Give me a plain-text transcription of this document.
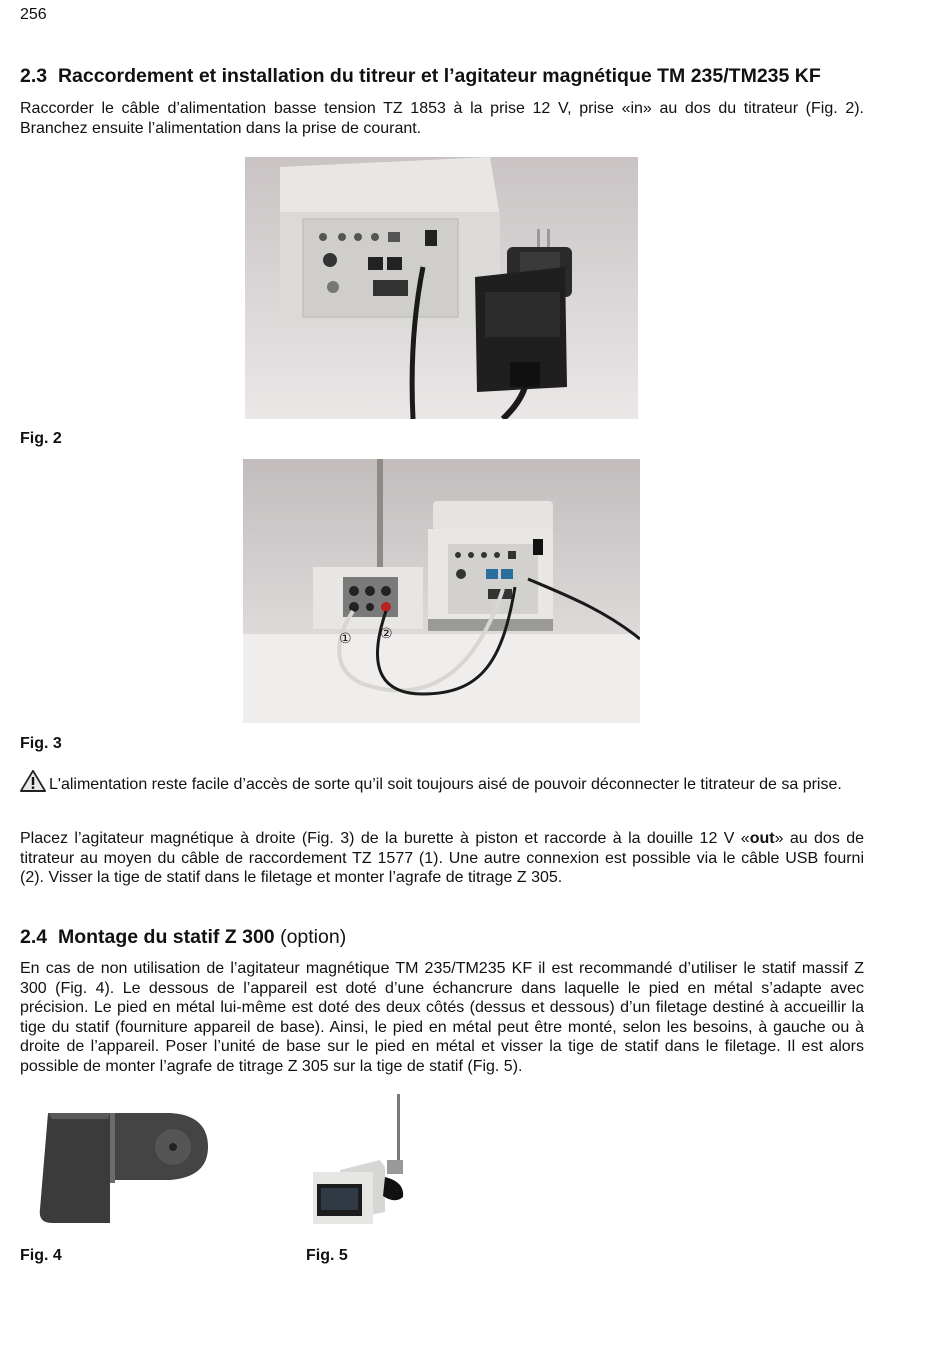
256
2.3 Raccordement et installation du titreur et l’agitateur magnétique TM 235/TM235 KF
Raccorder le câble d’alimentation basse tension TZ 1853 à la prise 12 V, prise «in» au dos du titrateur (Fig. 2). Branchez ensuite l’alimentation dans la prise de courant.
Fig. 2
① ②
Fig. 3
L'alimentation reste facile d’accès de sorte qu’il soit toujours aisé de pouvoir déconnecter le titrateur de sa prise.
Placez l’agitateur magnétique à droite (Fig. 3) de la burette à piston et raccorde à la douille 12 V «out» au dos de titrateur au moyen du câble de raccordement TZ 1577 (1). Une autre connexion est possible via le câble USB fourni (2). Visser la tige de statif dans le filetage et monter l’agrafe de titrage Z 305.
2.4 Montage du statif Z 300 (option)
En cas de non utilisation de l’agitateur magnétique TM 235/TM235 KF il est recommandé d’utiliser le statif massif Z 300 (Fig. 4). Le dessous de l’appareil est doté d’une échancrure dans laquelle le pied en métal s’adapte avec précision. Le pied en métal lui-même est doté des deux côtés (dessus et dessous) d’un filetage destiné à accueillir la tige du statif (fourniture appareil de base). Ainsi, le pied en métal peut être monté, selon les besoins, à gauche ou à droite de l’appareil. Poser l’unité de base sur le pied en métal et visser la tige de statif dans le filetage. Il est alors possible de monter l’agrafe de titrage Z 305 sur la tige de statif (Fig. 5).
Fig. 4	Fig. 5
